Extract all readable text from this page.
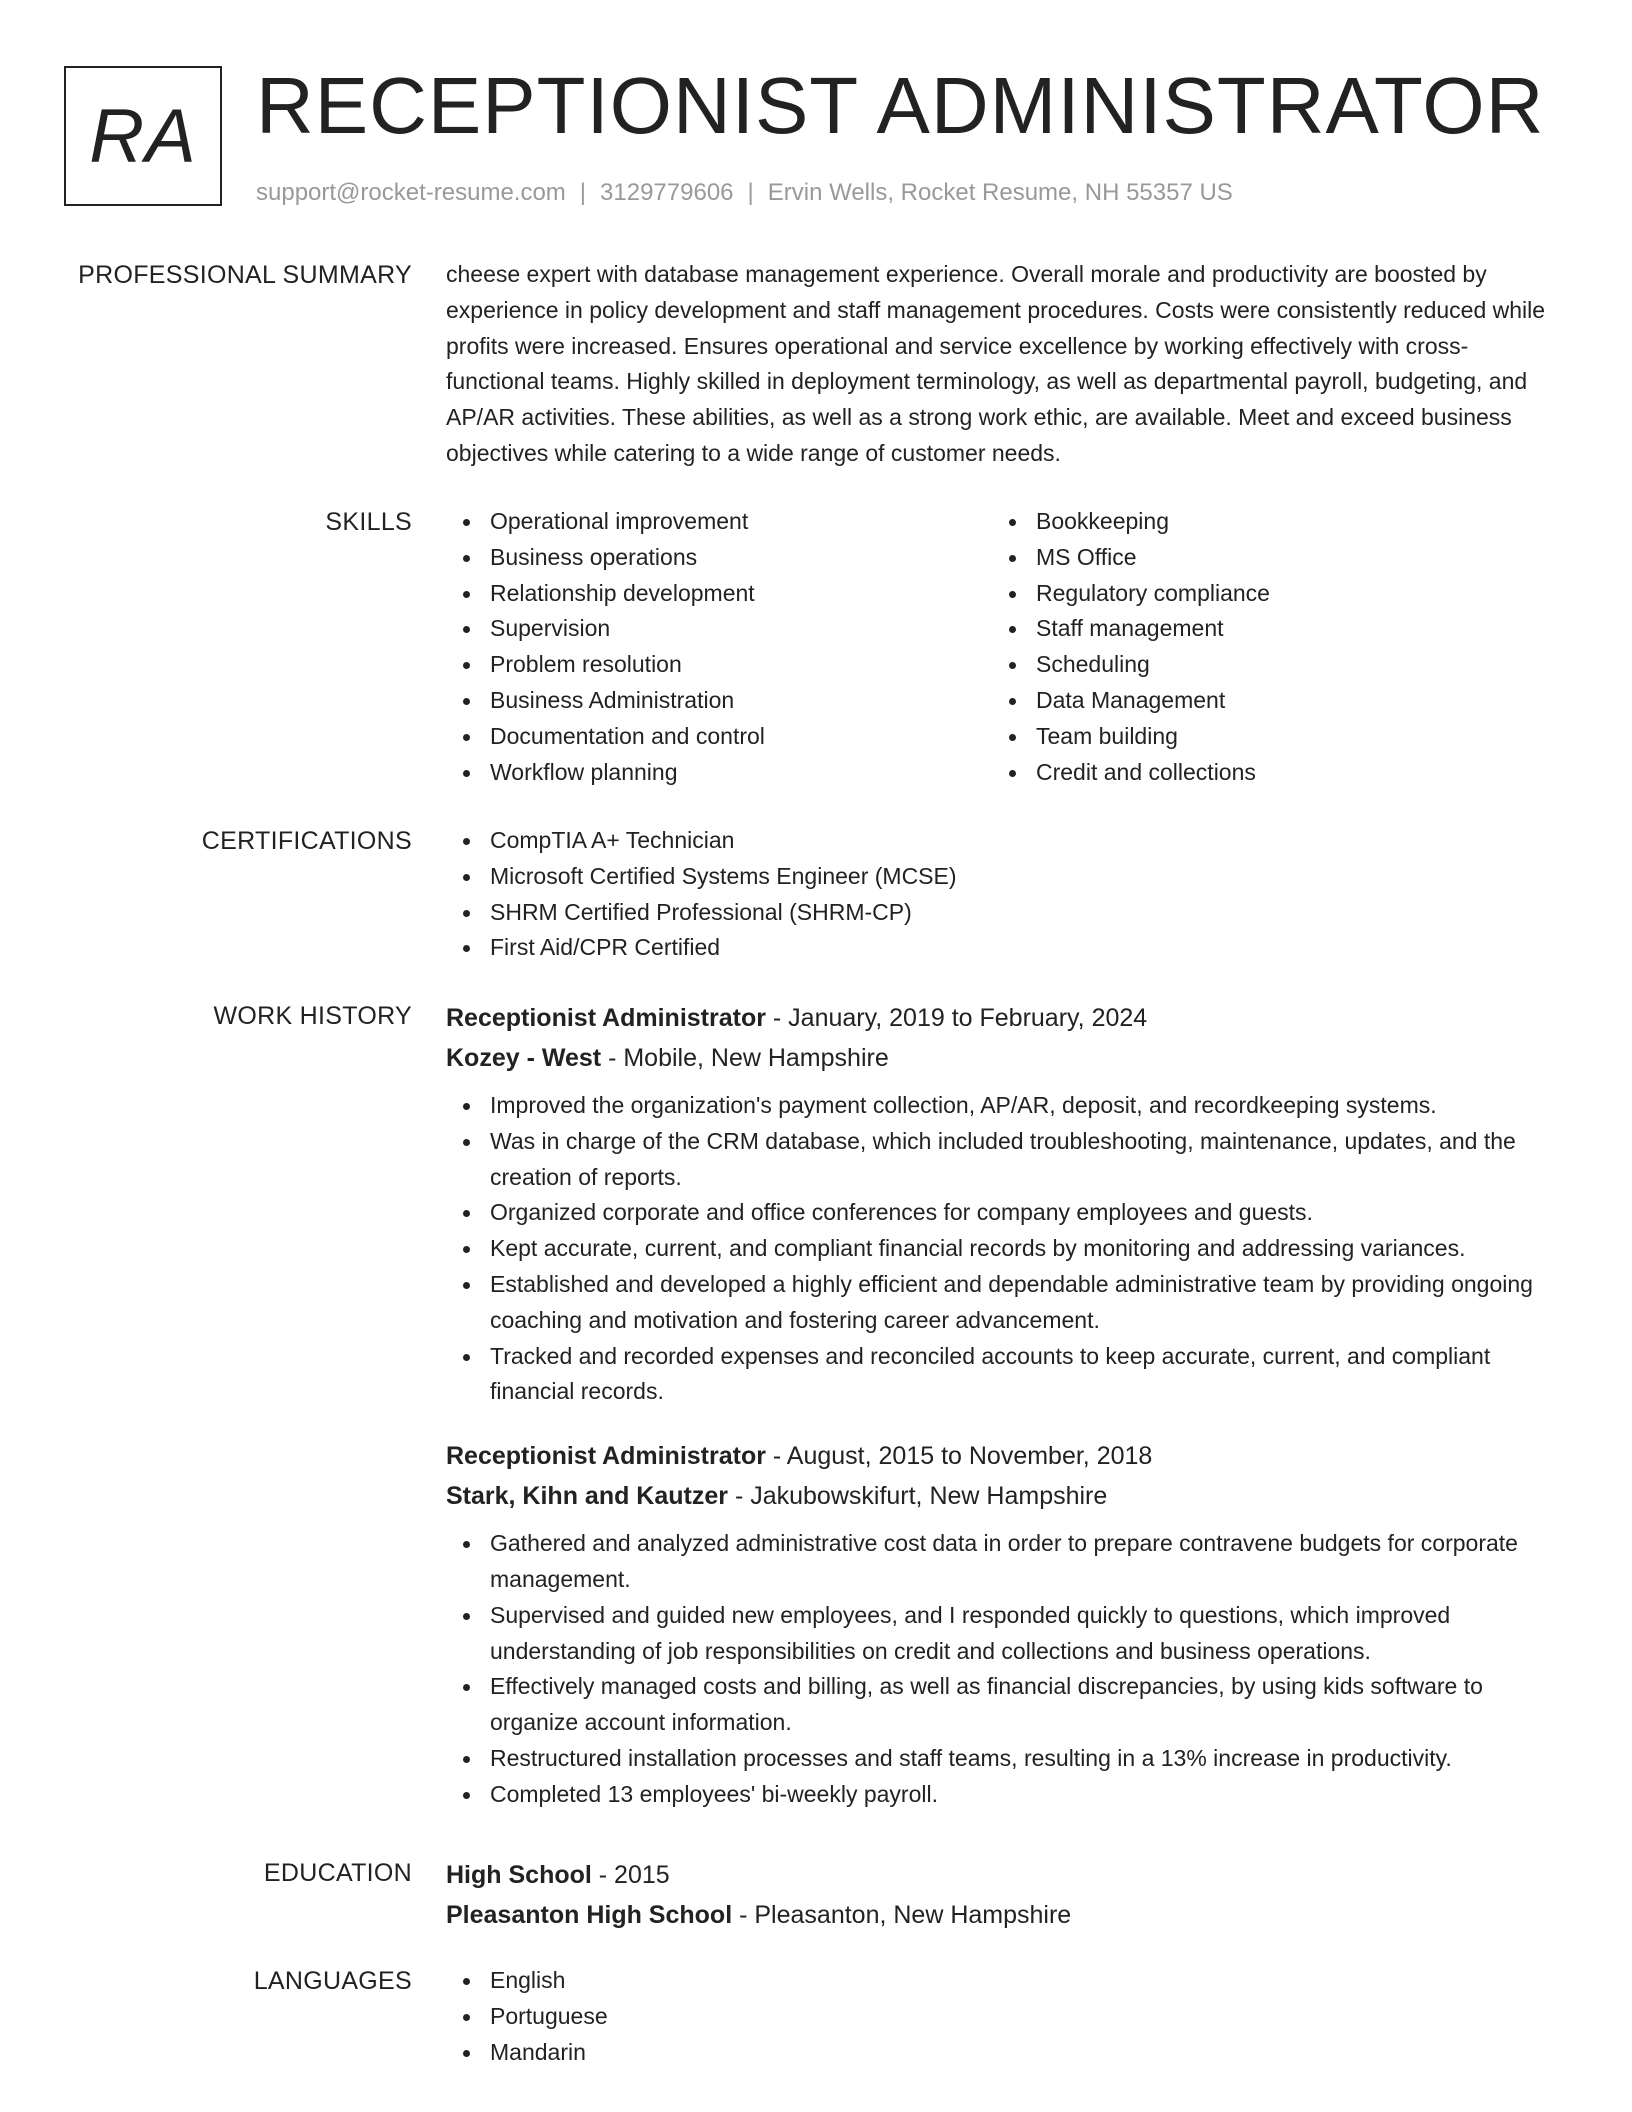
RA RECEPTIONIST ADMINISTRATOR
support@rocket-resume.com | 3129779606 | Ervin Wells, Rocket Resume, NH 55357 US
PROFESSIONAL SUMMARY cheese expert with database management experience. Overall morale and productivity are boosted by experience in policy development and staff management procedures. Costs were consistently reduced while profits were increased. Ensures operational and service excellence by working effectively with cross-functional teams. Highly skilled in deployment terminology, as well as departmental payroll, budgeting, and AP/AR activities. These abilities, as well as a strong work ethic, are available. Meet and exceed business objectives while catering to a wide range of customer needs.

SKILLS	Operational improvement
Business operations
Relationship development
Supervision
Problem resolution
Business Administration
Documentation and control
Workflow planning
Bookkeeping
MS Office
Regulatory compliance
Staff management
Scheduling
Data Management
Team building
Credit and collections
CERTIFICATIONS	CompTIA A+ Technician
Microsoft Certified Systems Engineer (MCSE)
SHRM Certified Professional (SHRM-CP)
First Aid/CPR Certified
WORK HISTORY Receptionist Administrator - January, 2019 to February, 2024
Kozey - West - Mobile, New Hampshire
Improved the organization's payment collection, AP/AR, deposit, and recordkeeping systems.
Was in charge of the CRM database, which included troubleshooting, maintenance, updates, and the creation of reports.
Organized corporate and office conferences for company employees and guests.
Kept accurate, current, and compliant financial records by monitoring and addressing variances.
Established and developed a highly efficient and dependable administrative team by providing ongoing coaching and motivation and fostering career advancement.
Tracked and recorded expenses and reconciled accounts to keep accurate, current, and compliant financial records.
Receptionist Administrator - August, 2015 to November, 2018
Stark, Kihn and Kautzer - Jakubowskifurt, New Hampshire
Gathered and analyzed administrative cost data in order to prepare contravene budgets for corporate management.
Supervised and guided new employees, and I responded quickly to questions, which improved understanding of job responsibilities on credit and collections and business operations.
Effectively managed costs and billing, as well as financial discrepancies, by using kids software to organize account information.
Restructured installation processes and staff teams, resulting in a 13% increase in productivity.
Completed 13 employees' bi-weekly payroll.
EDUCATION High School - 2015
Pleasanton High School - Pleasanton, New Hampshire
LANGUAGES	English
Portuguese
Mandarin
